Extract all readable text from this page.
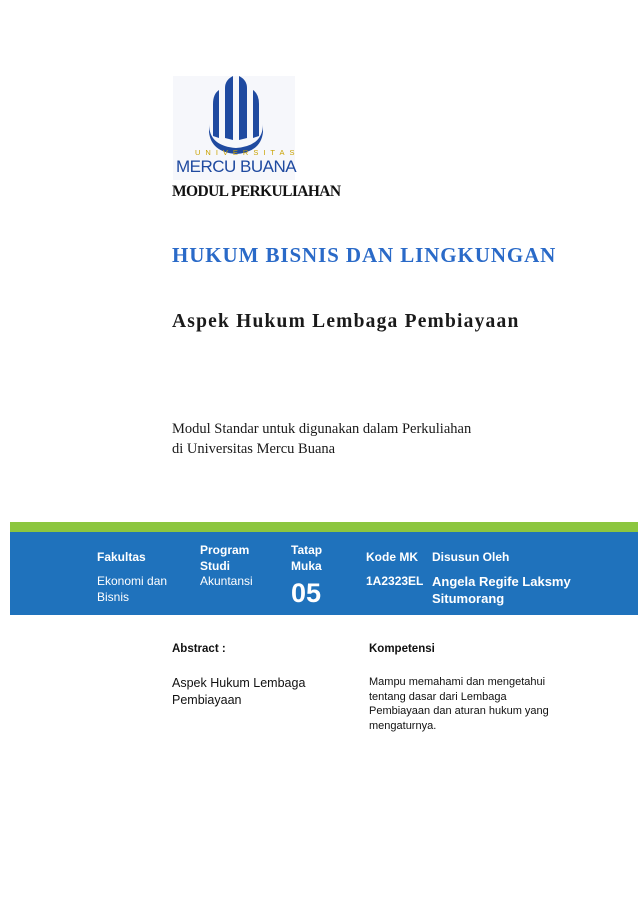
UNIVERSITAS
MERCU BUANA
MODUL PERKULIAHAN
HUKUM BISNIS DAN LINGKUNGAN
Aspek Hukum Lembaga Pembiayaan
Modul Standar untuk digunakan dalam Perkuliahan
di Universitas Mercu Buana
Fakultas
Ekonomi dan
Bisnis
Program
Studi
Akuntansi
Tatap
Muka
05
Kode MK
1A2323EL
Disusun Oleh
Angela Regife Laksmy
Situmorang
Abstract :
Aspek Hukum Lembaga Pembiayaan
Kompetensi
Mampu memahami dan mengetahui tentang dasar dari Lembaga Pembiayaan dan aturan hukum yang mengaturnya.
